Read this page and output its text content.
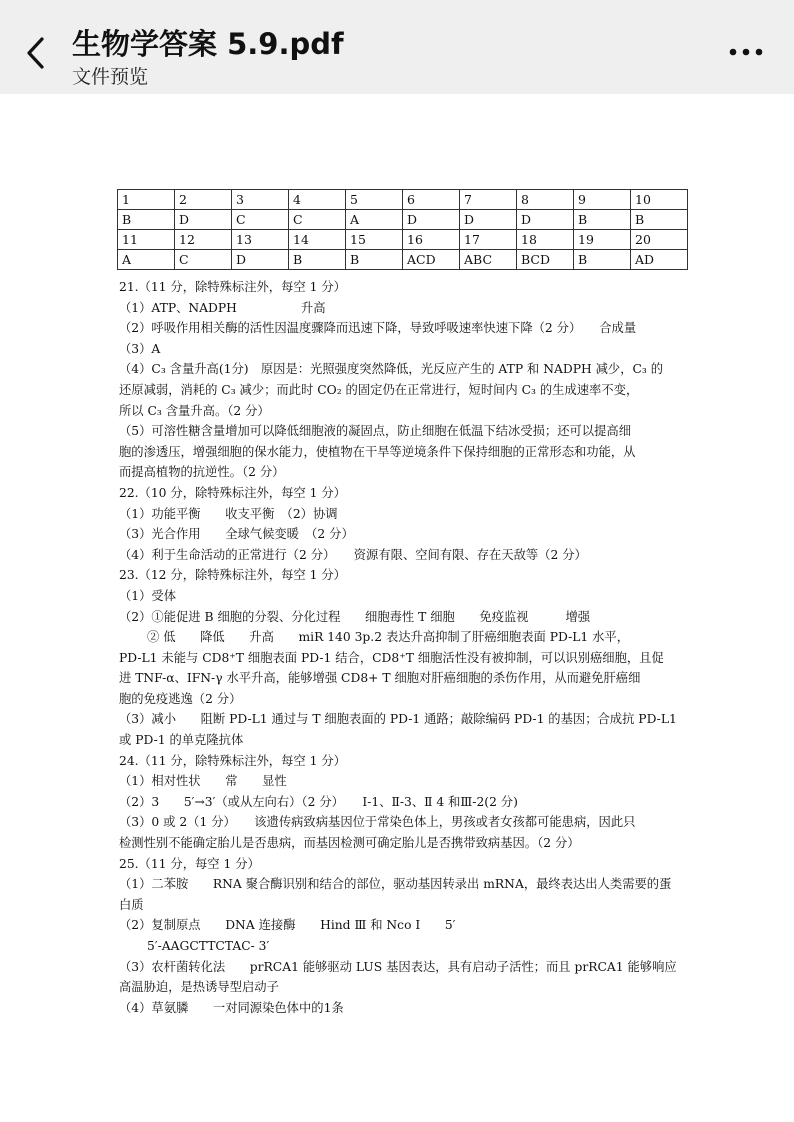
生物学答案 5.9.pdf
文件预览
1	2	3	4	5	6	7	8	9	10
B	D	C	C	A	D	D	D	B	B
11	12	13	14	15	16	17	18	19	20
A	C	D	B	B	ACD	ABC	BCD	B	AD

21.（11 分，除特殊标注外，每空 1 分）

（1）ATP、NADPH	升高

（2）呼吸作用相关酶的活性因温度骤降而迅速下降，导致呼吸速率快速下降（2 分） 合成量

（3）A

（4）C₃ 含量升高(1分)　原因是：光照强度突然降低，光反应产生的 ATP 和 NADPH 减少，C₃ 的

还原减弱，消耗的 C₃ 减少；而此时 CO₂ 的固定仍在正常进行，短时间内 C₃ 的生成速率不变，

所以 C₃ 含量升高。（2 分）

（5）可溶性糖含量增加可以降低细胞液的凝固点，防止细胞在低温下结冰受损；还可以提高细

胞的渗透压，增强细胞的保水能力，使植物在干旱等逆境条件下保持细胞的正常形态和功能，从

而提高植物的抗逆性。（2 分）

22.（10 分，除特殊标注外，每空 1 分）

（1）功能平衡　　收支平衡　（2）协调

（3）光合作用　　全球气候变暖　（2 分）

（4）利于生命活动的正常进行（2 分）　　资源有限、空间有限、存在天敌等（2 分）

23.（12 分，除特殊标注外，每空 1 分）

（1）受体

（2）①能促进 B 细胞的分裂、分化过程　　细胞毒性 T 细胞　　免疫监视　　　增强

② 低　　降低　　升高　　miR 140 3p.2 表达升高抑制了肝癌细胞表面 PD-L1 水平，

PD-L1 未能与 CD8⁺T 细胞表面 PD-1 结合，CD8⁺T 细胞活性没有被抑制，可以识别癌细胞，且促

进 TNF-α、IFN-γ 水平升高，能够增强 CD8+ T 细胞对肝癌细胞的杀伤作用，从而避免肝癌细

胞的免疫逃逸（2 分）

（3）减小　　阻断 PD-L1 通过与 T 细胞表面的 PD-1 通路；敲除编码 PD-1 的基因；合成抗 PD-L1

或 PD-1 的单克隆抗体

24.（11 分，除特殊标注外，每空 1 分）

（1）相对性状　　常　　显性

（2）3　　5′→3′（或从左向右）（2 分）　　Ⅰ-1、Ⅱ-3、Ⅱ 4 和Ⅲ-2(2 分)

（3）0 或 2（1 分）　　该遗传病致病基因位于常染色体上，男孩或者女孩都可能患病，因此只

检测性别不能确定胎儿是否患病，而基因检测可确定胎儿是否携带致病基因。（2 分）

25.（11 分，每空 1 分）

（1）二苯胺　　RNA 聚合酶识别和结合的部位，驱动基因转录出 mRNA，最终表达出人类需要的蛋

白质

（2）复制原点　　DNA 连接酶　　Hind Ⅲ 和 Nco Ⅰ　　5′

5′-AAGCTTCTAC- 3′

（3）农杆菌转化法　　prRCA1 能够驱动 LUS 基因表达，具有启动子活性；而且 prRCA1 能够响应

高温胁迫，是热诱导型启动子

（4）草氨膦　　一对同源染色体中的1条
